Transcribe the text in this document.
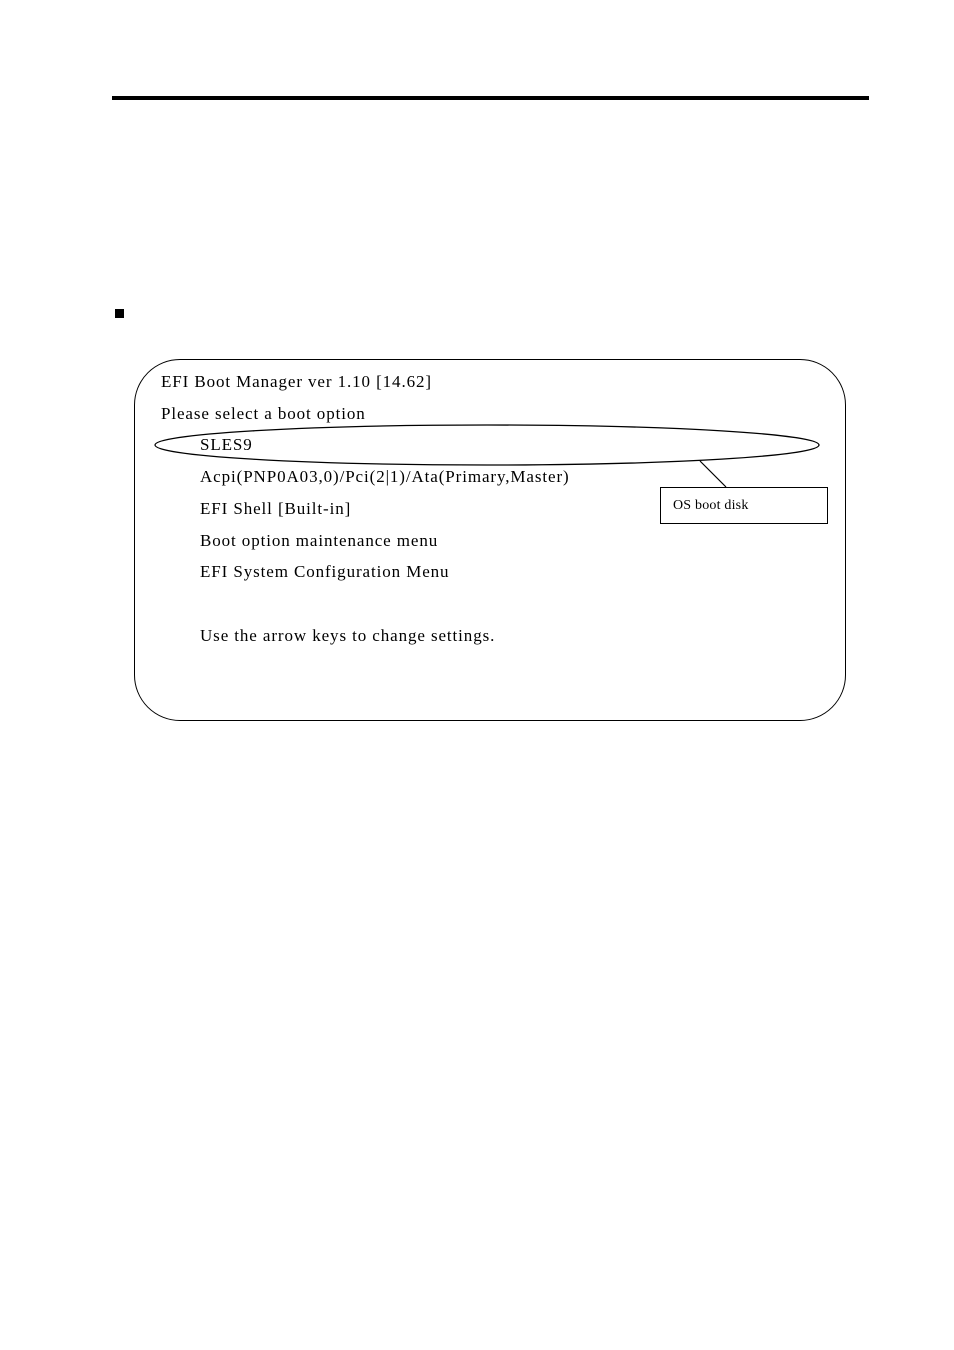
EFI Boot Manager ver 1.10 [14.62]
Please select a boot option
SLES9
Acpi(PNP0A03,0)/Pci(2|1)/Ata(Primary,Master)
EFI Shell [Built-in]
Boot option maintenance menu
EFI System Configuration Menu
Use the arrow keys to change settings.
OS boot disk
